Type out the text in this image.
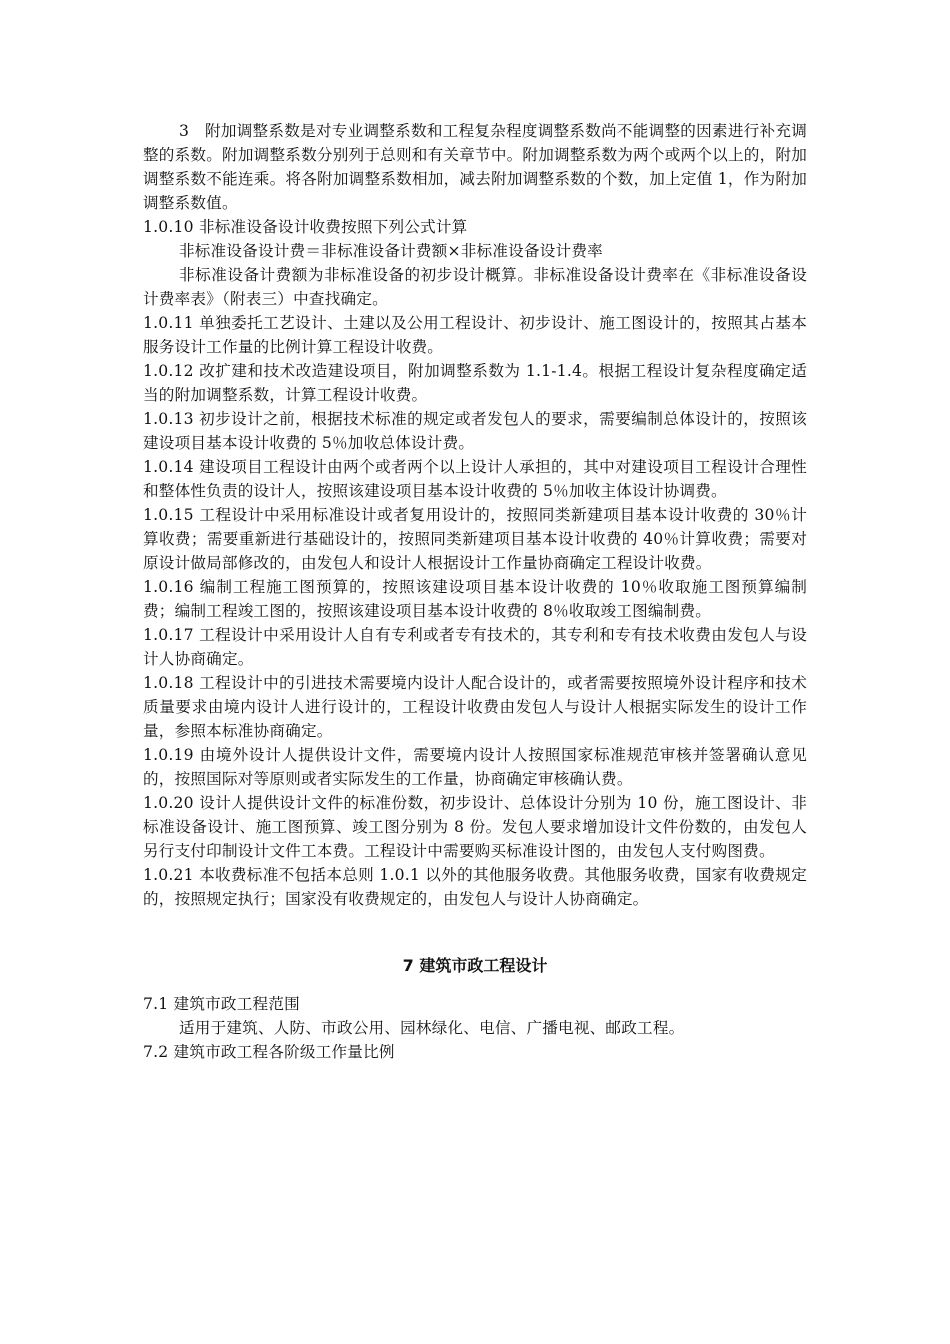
3　附加调整系数是对专业调整系数和工程复杂程度调整系数尚不能调整的因素进行补充调整的系数。附加调整系数分别列于总则和有关章节中。附加调整系数为两个或两个以上的，附加调整系数不能连乘。将各附加调整系数相加，减去附加调整系数的个数，加上定值 1，作为附加调整系数值。

1.0.10 非标准设备设计收费按照下列公式计算

非标准设备设计费＝非标准设备计费额×非标准设备设计费率

非标准设备计费额为非标准设备的初步设计概算。非标准设备设计费率在《非标准设备设计费率表》（附表三）中查找确定。

1.0.11 单独委托工艺设计、土建以及公用工程设计、初步设计、施工图设计的，按照其占基本服务设计工作量的比例计算工程设计收费。

1.0.12 改扩建和技术改造建设项目，附加调整系数为 1.1-1.4。根据工程设计复杂程度确定适当的附加调整系数，计算工程设计收费。

1.0.13 初步设计之前，根据技术标准的规定或者发包人的要求，需要编制总体设计的，按照该建设项目基本设计收费的 5％加收总体设计费。

1.0.14 建设项目工程设计由两个或者两个以上设计人承担的，其中对建设项目工程设计合理性和整体性负责的设计人，按照该建设项目基本设计收费的 5％加收主体设计协调费。

1.0.15 工程设计中采用标准设计或者复用设计的，按照同类新建项目基本设计收费的 30％计算收费；需要重新进行基础设计的，按照同类新建项目基本设计收费的 40％计算收费；需要对原设计做局部修改的，由发包人和设计人根据设计工作量协商确定工程设计收费。

1.0.16 编制工程施工图预算的，按照该建设项目基本设计收费的 10％收取施工图预算编制费；编制工程竣工图的，按照该建设项目基本设计收费的 8％收取竣工图编制费。

1.0.17 工程设计中采用设计人自有专利或者专有技术的，其专利和专有技术收费由发包人与设计人协商确定。

1.0.18 工程设计中的引进技术需要境内设计人配合设计的，或者需要按照境外设计程序和技术质量要求由境内设计人进行设计的，工程设计收费由发包人与设计人根据实际发生的设计工作量，参照本标准协商确定。

1.0.19 由境外设计人提供设计文件，需要境内设计人按照国家标准规范审核并签署确认意见的，按照国际对等原则或者实际发生的工作量，协商确定审核确认费。

1.0.20 设计人提供设计文件的标准份数，初步设计、总体设计分别为 10 份，施工图设计、非标准设备设计、施工图预算、竣工图分别为 8 份。发包人要求增加设计文件份数的，由发包人另行支付印制设计文件工本费。工程设计中需要购买标准设计图的，由发包人支付购图费。

1.0.21 本收费标准不包括本总则 1.0.1 以外的其他服务收费。其他服务收费，国家有收费规定的，按照规定执行；国家没有收费规定的，由发包人与设计人协商确定。

7 建筑市政工程设计

7.1 建筑市政工程范围

适用于建筑、人防、市政公用、园林绿化、电信、广播电视、邮政工程。

7.2 建筑市政工程各阶级工作量比例
